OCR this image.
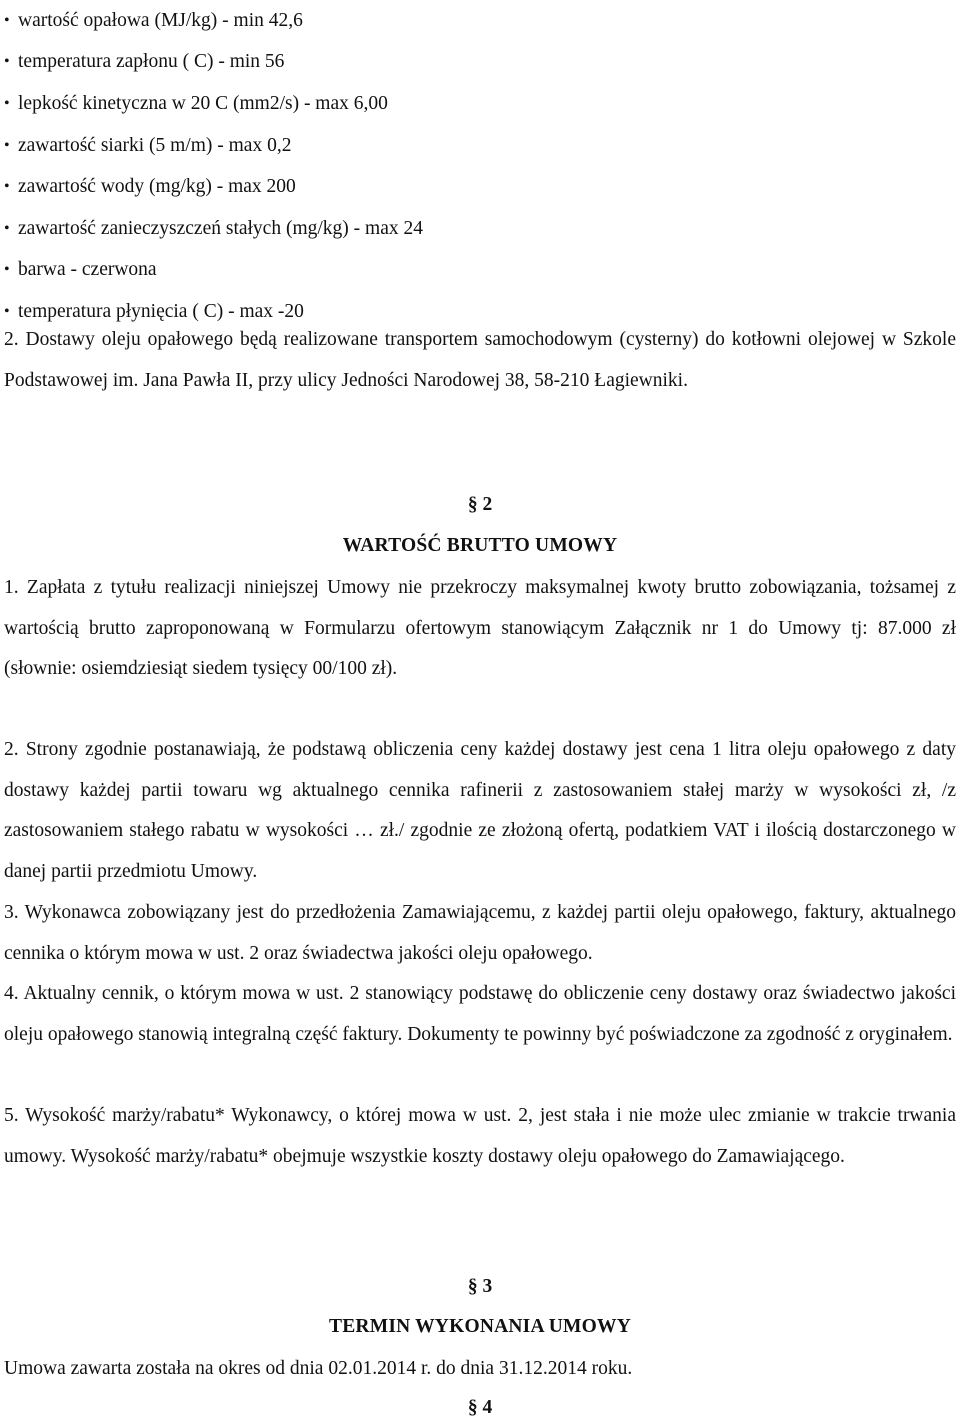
• wartość opałowa (MJ/kg) - min 42,6
• temperatura zapłonu ( C) - min 56
• lepkość kinetyczna w 20 C (mm2/s) - max 6,00
• zawartość siarki (5 m/m) - max 0,2
• zawartość wody (mg/kg) - max 200
• zawartość zanieczyszczeń stałych (mg/kg) - max 24
• barwa - czerwona
• temperatura płynięcia ( C) - max -20

2. Dostawy oleju opałowego będą realizowane transportem samochodowym (cysterny) do kotłowni olejowej w Szkole Podstawowej im. Jana Pawła II, przy ulicy Jedności Narodowej 38, 58-210 Łagiewniki.

§ 2
WARTOŚĆ BRUTTO UMOWY

1. Zapłata z tytułu realizacji niniejszej Umowy nie przekroczy maksymalnej kwoty brutto zobowiązania, tożsamej z wartością brutto zaproponowaną w Formularzu ofertowym stanowiącym Załącznik nr 1 do Umowy tj: 87.000 zł (słownie: osiemdziesiąt siedem tysięcy 00/100 zł).

2. Strony zgodnie postanawiają, że podstawą obliczenia ceny każdej dostawy jest cena 1 litra oleju opałowego z daty dostawy każdej partii towaru wg aktualnego cennika rafinerii z zastosowaniem stałej marży w wysokości zł, /z zastosowaniem stałego rabatu w wysokości … zł./ zgodnie ze złożoną ofertą, podatkiem VAT i ilością dostarczonego w danej partii przedmiotu Umowy.

3. Wykonawca zobowiązany jest do przedłożenia Zamawiającemu, z każdej partii oleju opałowego, faktury, aktualnego cennika o którym mowa w ust. 2 oraz świadectwa jakości oleju opałowego.

4. Aktualny cennik, o którym mowa w ust. 2 stanowiący podstawę do obliczenie ceny dostawy oraz świadectwo jakości oleju opałowego stanowią integralną część faktury. Dokumenty te powinny być poświadczone za zgodność z oryginałem.

5. Wysokość marży/rabatu* Wykonawcy, o której mowa w ust. 2, jest stała i nie może ulec zmianie w trakcie trwania umowy. Wysokość marży/rabatu* obejmuje wszystkie koszty dostawy oleju opałowego do Zamawiającego.

§ 3
TERMIN WYKONANIA UMOWY

Umowa zawarta została na okres od dnia 02.01.2014 r. do dnia 31.12.2014 roku.

§ 4
